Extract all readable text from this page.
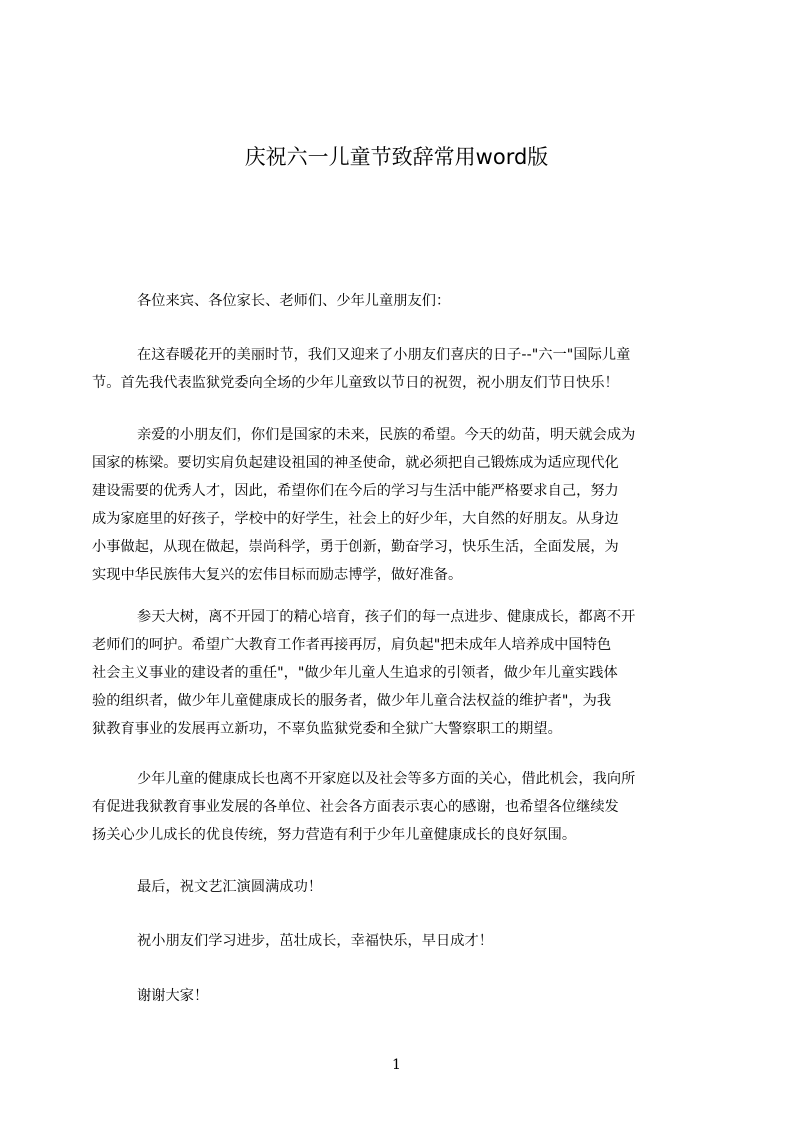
庆祝六一儿童节致辞常用word版
各位来宾、各位家长、老师们、少年儿童朋友们：
在这春暖花开的美丽时节，我们又迎来了小朋友们喜庆的日子--"六一"国际儿童
节。首先我代表监狱党委向全场的少年儿童致以节日的祝贺，祝小朋友们节日快乐！
亲爱的小朋友们，你们是国家的未来，民族的希望。今天的幼苗，明天就会成为
国家的栋梁。要切实肩负起建设祖国的神圣使命，就必须把自己锻炼成为适应现代化
建设需要的优秀人才，因此，希望你们在今后的学习与生活中能严格要求自己，努力
成为家庭里的好孩子，学校中的好学生，社会上的好少年，大自然的好朋友。从身边
小事做起，从现在做起，崇尚科学，勇于创新，勤奋学习，快乐生活，全面发展，为
实现中华民族伟大复兴的宏伟目标而励志博学，做好准备。
参天大树，离不开园丁的精心培育，孩子们的每一点进步、健康成长，都离不开
老师们的呵护。希望广大教育工作者再接再厉，肩负起"把未成年人培养成中国特色
社会主义事业的建设者的重任"，"做少年儿童人生追求的引领者，做少年儿童实践体
验的组织者，做少年儿童健康成长的服务者，做少年儿童合法权益的维护者"，为我
狱教育事业的发展再立新功，不辜负监狱党委和全狱广大警察职工的期望。
少年儿童的健康成长也离不开家庭以及社会等多方面的关心，借此机会，我向所
有促进我狱教育事业发展的各单位、社会各方面表示衷心的感谢，也希望各位继续发
扬关心少儿成长的优良传统，努力营造有利于少年儿童健康成长的良好氛围。
最后，祝文艺汇演圆满成功！
祝小朋友们学习进步，茁壮成长，幸福快乐，早日成才！
谢谢大家！
1
